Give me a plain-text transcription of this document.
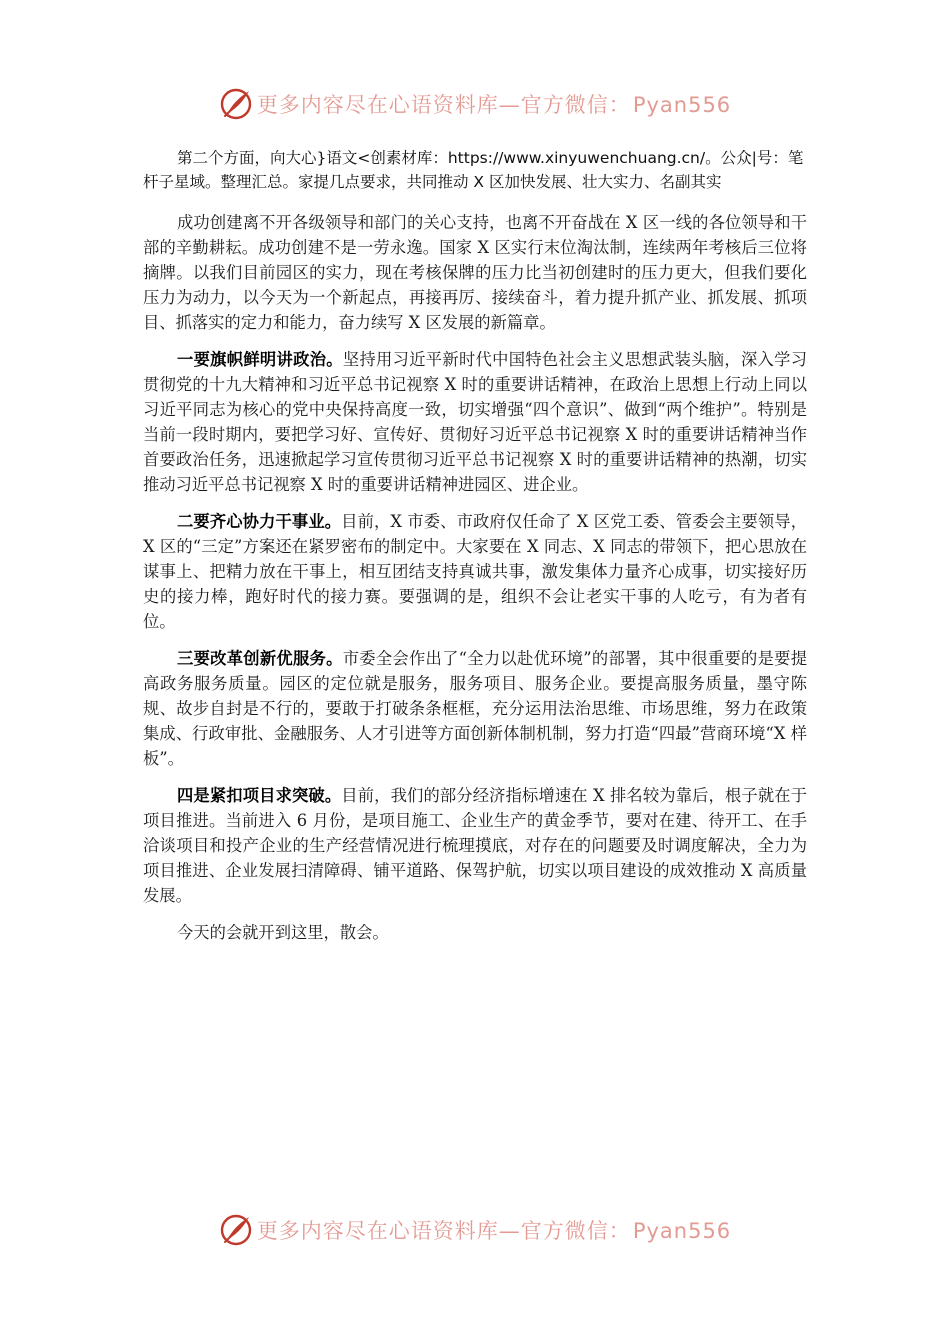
更多内容尽在心语资料库—官方微信：Pyan556

第二个方面，向大心}语文<创素材库：https://www.xinyuwenchuang.cn/。公众|号：笔杆子星域。整理汇总。家提几点要求，共同推动 X 区加快发展、壮大实力、名副其实

成功创建离不开各级领导和部门的关心支持，也离不开奋战在 X 区一线的各位领导和干部的辛勤耕耘。成功创建不是一劳永逸。国家 X 区实行末位淘汰制，连续两年考核后三位将摘牌。以我们目前园区的实力，现在考核保牌的压力比当初创建时的压力更大，但我们要化压力为动力，以今天为一个新起点，再接再厉、接续奋斗，着力提升抓产业、抓发展、抓项目、抓落实的定力和能力，奋力续写 X 区发展的新篇章。

一要旗帜鲜明讲政治。坚持用习近平新时代中国特色社会主义思想武装头脑，深入学习贯彻党的十九大精神和习近平总书记视察 X 时的重要讲话精神，在政治上思想上行动上同以习近平同志为核心的党中央保持高度一致，切实增强“四个意识”、做到“两个维护”。特别是当前一段时期内，要把学习好、宣传好、贯彻好习近平总书记视察 X 时的重要讲话精神当作首要政治任务，迅速掀起学习宣传贯彻习近平总书记视察 X 时的重要讲话精神的热潮，切实推动习近平总书记视察 X 时的重要讲话精神进园区、进企业。

二要齐心协力干事业。目前，X 市委、市政府仅任命了 X 区党工委、管委会主要领导，X 区的“三定”方案还在紧罗密布的制定中。大家要在 X 同志、X 同志的带领下，把心思放在谋事上、把精力放在干事上，相互团结支持真诚共事，激发集体力量齐心成事，切实接好历史的接力棒，跑好时代的接力赛。要强调的是，组织不会让老实干事的人吃亏，有为者有位。

三要改革创新优服务。市委全会作出了“全力以赴优环境”的部署，其中很重要的是要提高政务服务质量。园区的定位就是服务，服务项目、服务企业。要提高服务质量，墨守陈规、故步自封是不行的，要敢于打破条条框框，充分运用法治思维、市场思维，努力在政策集成、行政审批、金融服务、人才引进等方面创新体制机制，努力打造“四最”营商环境“X 样板”。

四是紧扣项目求突破。目前，我们的部分经济指标增速在 X 排名较为靠后，根子就在于项目推进。当前进入 6 月份，是项目施工、企业生产的黄金季节，要对在建、待开工、在手洽谈项目和投产企业的生产经营情况进行梳理摸底，对存在的问题要及时调度解决，全力为项目推进、企业发展扫清障碍、铺平道路、保驾护航，切实以项目建设的成效推动 X 高质量发展。

今天的会就开到这里，散会。

更多内容尽在心语资料库—官方微信：Pyan556
